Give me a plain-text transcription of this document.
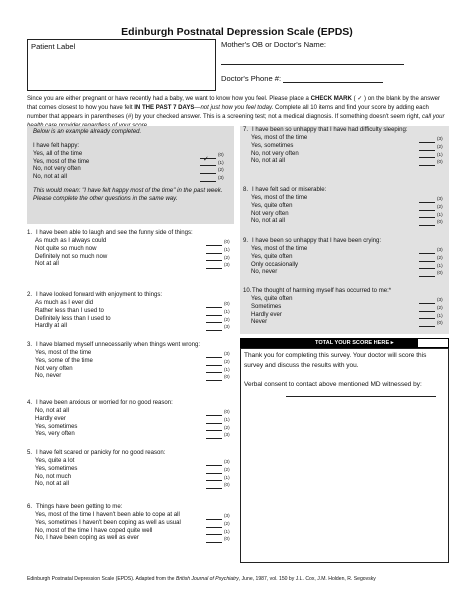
Edinburgh Postnatal Depression Scale (EPDS)
Patient Label	Mother's OB or Doctor's Name:
Doctor's Phone #:
Since you are either pregnant or have recently had a baby, we want to know how you feel. Please place a CHECK MARK ( ✓ ) on the blank by the answer that comes closest to how you have felt IN THE PAST 7 DAYS—not just how you feel today. Complete all 10 items and find your score by adding each number that appears in parentheses (#) by your checked answer. This is a screening test; not a medical diagnosis. If something doesn't seem right, call your
Below is an example already completed.
I have felt happy:
Yes, all of the time	(0)
Yes, most of the time	✓ (1)
No, not very often	(2)
No, not at all	(3)
This would mean: "I have felt happy most of the time" in the past week. Please complete the other questions in the same way.
1. I have been able to laugh and see the funny side of things:
As much as I always could	(0)
Not quite so much now	(1)
Definitely not so much now	(2)
Not at all	(3)
2. I have looked forward with enjoyment to things:
As much as I ever did	(0)
Rather less than I used to	(1)
Definitely less than I used to	(2)
Hardly at all	(3)
3. I have blamed myself unnecessarily when things went wrong:
Yes, most of the time	(3)
Yes, some of the time	(2)
Not very often	(1)
No, never	(0)
4. I have been anxious or worried for no good reason:
No, not at all	(0)
Hardly ever	(1)
Yes, sometimes	(2)
Yes, very often	(3)
5. I have felt scared or panicky for no good reason:
Yes, quite a lot	(3)
Yes, sometimes	(2)
No, not much	(1)
No, not at all	(0)
6. Things have been getting to me:
Yes, most of the time I haven't been able to cope at all	(3)
Yes, sometimes I haven't been coping as well as usual	(2)
No, most of the time I have coped quite well	(1)
No, I have been coping as well as ever	(0)
7. I have been so unhappy that I have had difficulty sleeping:
Yes, most of the time	(3)
Yes, sometimes	(2)
No, not very often	(1)
No, not at all	(0)
8. I have felt sad or miserable:
Yes, most of the time	(3)
Yes, quite often	(2)
Not very often	(1)
No, not at all	(0)
9. I have been so unhappy that I have been crying:
Yes, most of the time	(3)
Yes, quite often	(2)
Only occasionally	(1)
No, never	(0)
10. The thought of harming myself has occurred to me:*
Yes, quite often	(3)
Sometimes	(2)
Hardly ever	(1)
Never	(0)
TOTAL YOUR SCORE HERE ▸
Thank you for completing this survey. Your doctor will score this survey and discuss the results with you.
Verbal consent to contact above mentioned MD witnessed by:
Edinburgh Postnatal Depression Scale (EPDS). Adapted from the British Journal of Psychiatry, June, 1987, vol. 150 by J.L. Cox, J.M. Holden, R. Segovsky
